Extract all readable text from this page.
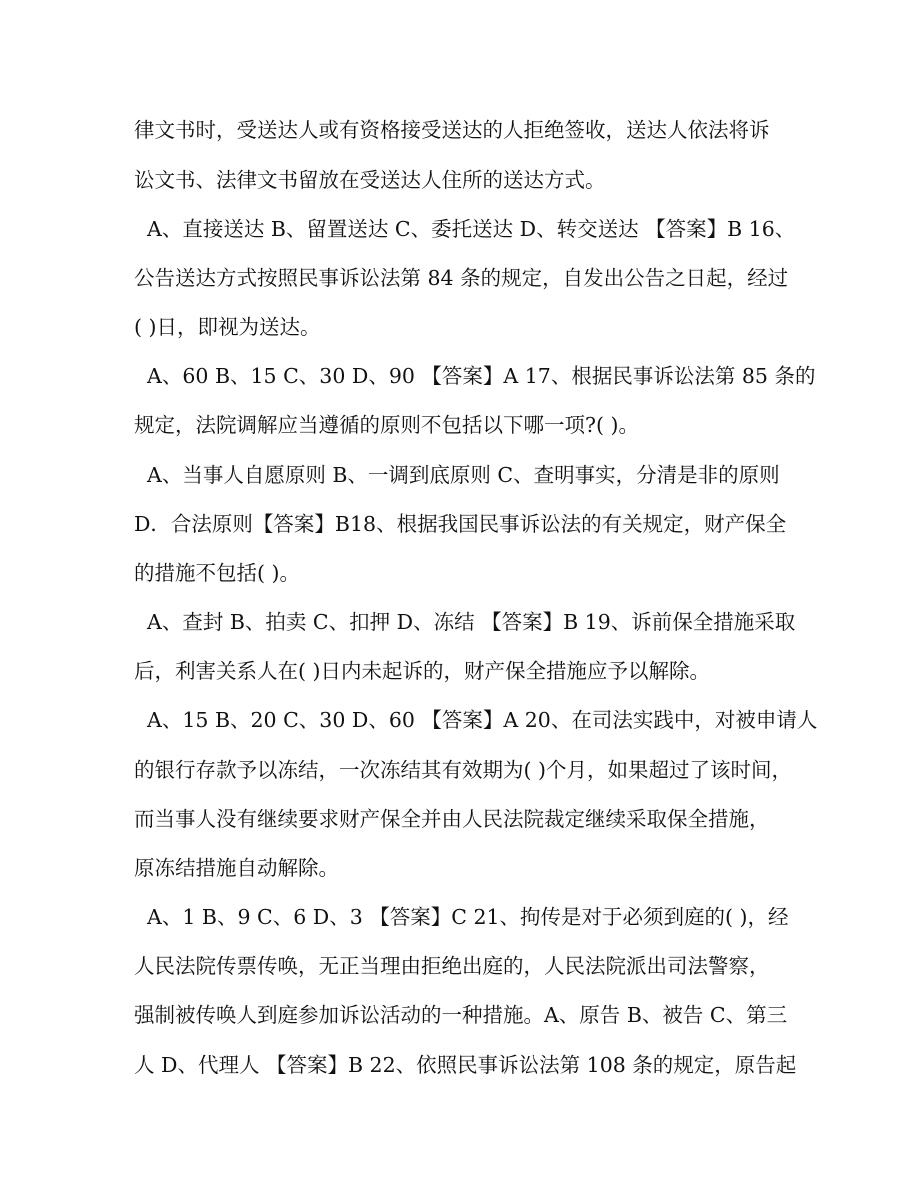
律文书时，受送达人或有资格接受送达的人拒绝签收，送达人依法将诉
讼文书、法律文书留放在受送达人住所的送达方式。
A、直接送达 B、留置送达 C、委托送达 D、转交送达 【答案】B 16、
公告送达方式按照民事诉讼法第 84 条的规定，自发出公告之日起，经过
( )日，即视为送达。
A、60 B、15 C、30 D、90 【答案】A 17、根据民事诉讼法第 85 条的
规定，法院调解应当遵循的原则不包括以下哪一项?( )。
A、当事人自愿原则 B、一调到底原则 C、查明事实，分清是非的原则
D．合法原则【答案】B18、根据我国民事诉讼法的有关规定，财产保全
的措施不包括( )。
A、查封 B、拍卖 C、扣押 D、冻结 【答案】B 19、诉前保全措施采取
后，利害关系人在( )日内未起诉的，财产保全措施应予以解除。
A、15 B、20 C、30 D、60 【答案】A 20、在司法实践中，对被申请人
的银行存款予以冻结，一次冻结其有效期为( )个月，如果超过了该时间，
而当事人没有继续要求财产保全并由人民法院裁定继续采取保全措施，
原冻结措施自动解除。
A、1 B、9 C、6 D、3 【答案】C 21、拘传是对于必须到庭的( )，经
人民法院传票传唤，无正当理由拒绝出庭的，人民法院派出司法警察，
强制被传唤人到庭参加诉讼活动的一种措施。A、原告 B、被告 C、第三
人 D、代理人 【答案】B 22、依照民事诉讼法第 108 条的规定，原告起
